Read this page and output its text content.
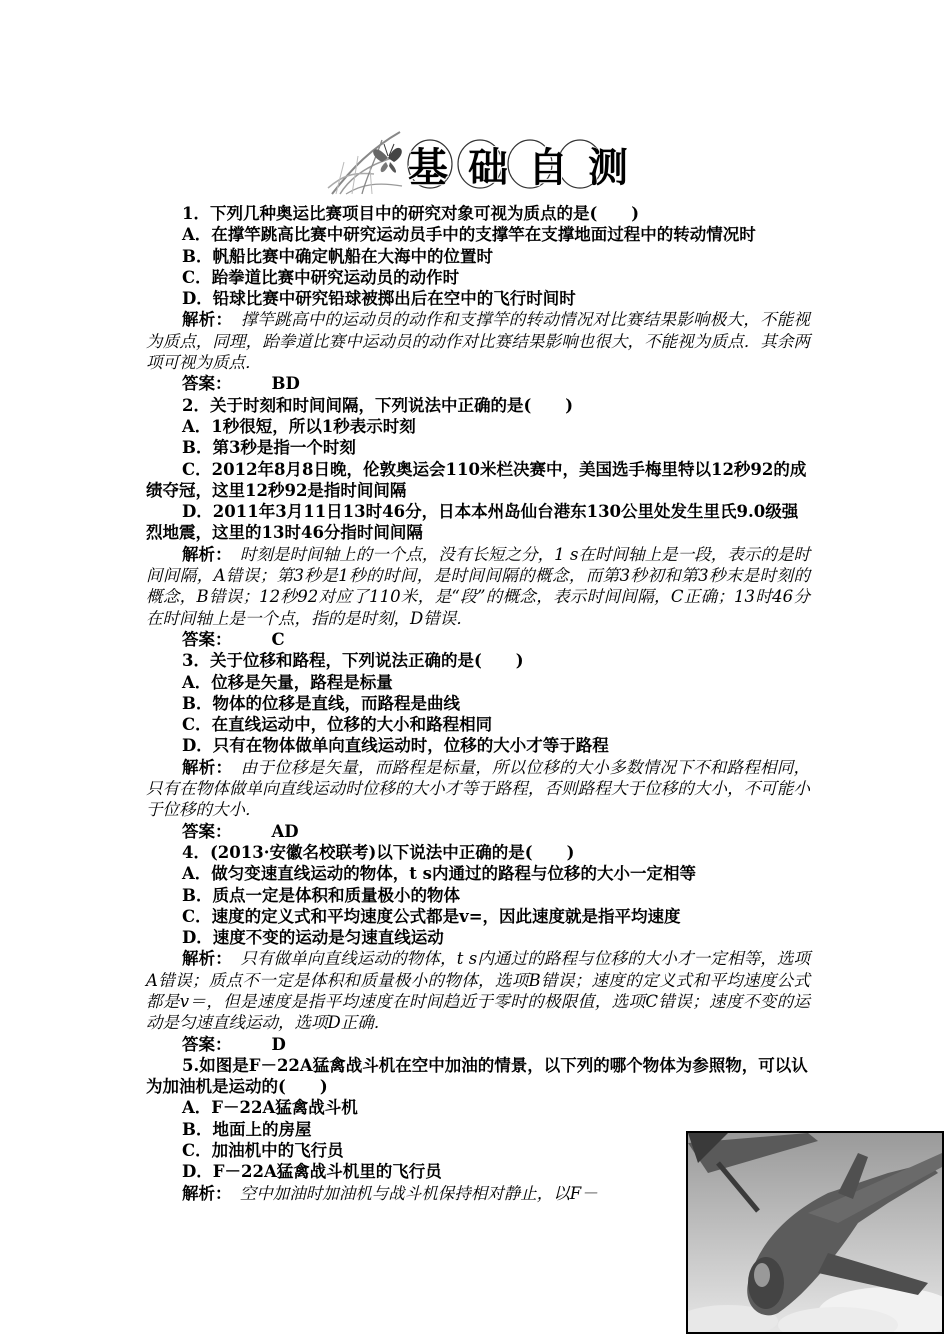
基础自测

1．下列几种奥运比赛项目中的研究对象可视为质点的是( )

A．在撑竿跳高比赛中研究运动员手中的支撑竿在支撑地面过程中的转动情况时

B．帆船比赛中确定帆船在大海中的位置时

C．跆拳道比赛中研究运动员的动作时

D．铅球比赛中研究铅球被掷出后在空中的飞行时间时

解析：　 撑竿跳高中的运动员的动作和支撑竿的转动情况对比赛结果影响极大，不能视为质点，同理，跆拳道比赛中运动员的动作对比赛结果影响也很大，不能视为质点．其余两项可视为质点．

答案： BD

2．关于时刻和时间间隔，下列说法中正确的是( )

A．1秒很短，所以1秒表示时刻

B．第3秒是指一个时刻

C．2012年8月8日晚，伦敦奥运会110米栏决赛中，美国选手梅里特以12秒92的成绩夺冠，这里12秒92是指时间间隔

D．2011年3月11日13时46分，日本本州岛仙台港东130公里处发生里氏9.0级强烈地震，这里的13时46分指时间间隔

解析：　 时刻是时间轴上的一个点，没有长短之分，1 s在时间轴上是一段，表示的是时间间隔，A错误；第3秒是1秒的时间，是时间间隔的概念，而第3秒初和第3秒末是时刻的概念，B错误；12秒92对应了110米，是“段”的概念，表示时间间隔，C正确；13时46分在时间轴上是一个点，指的是时刻，D错误．

答案： C

3．关于位移和路程，下列说法正确的是( )

A．位移是矢量，路程是标量

B．物体的位移是直线，而路程是曲线

C．在直线运动中，位移的大小和路程相同

D．只有在物体做单向直线运动时，位移的大小才等于路程

解析：　 由于位移是矢量，而路程是标量，所以位移的大小多数情况下不和路程相同，只有在物体做单向直线运动时位移的大小才等于路程，否则路程大于位移的大小，不可能小于位移的大小．

答案： AD

4．(2013·安徽名校联考)以下说法中正确的是( )

A．做匀变速直线运动的物体，t s内通过的路程与位移的大小一定相等

B．质点一定是体积和质量极小的物体

C．速度的定义式和平均速度公式都是v=，因此速度就是指平均速度

D．速度不变的运动是匀速直线运动

解析：　 只有做单向直线运动的物体，t s内通过的路程与位移的大小才一定相等，选项A错误；质点不一定是体积和质量极小的物体，选项B错误；速度的定义式和平均速度公式都是v＝，但是速度是指平均速度在时间趋近于零时的极限值，选项C错误；速度不变的运动是匀速直线运动，选项D正确．

答案： D

5.如图是F－22A猛禽战斗机在空中加油的情景，以下列的哪个物体为参照物，可以认为加油机是运动的( )

A．F－22A猛禽战斗机

B．地面上的房屋

C．加油机中的飞行员

D．F－22A猛禽战斗机里的飞行员

解析：　 空中加油时加油机与战斗机保持相对静止，以F－
